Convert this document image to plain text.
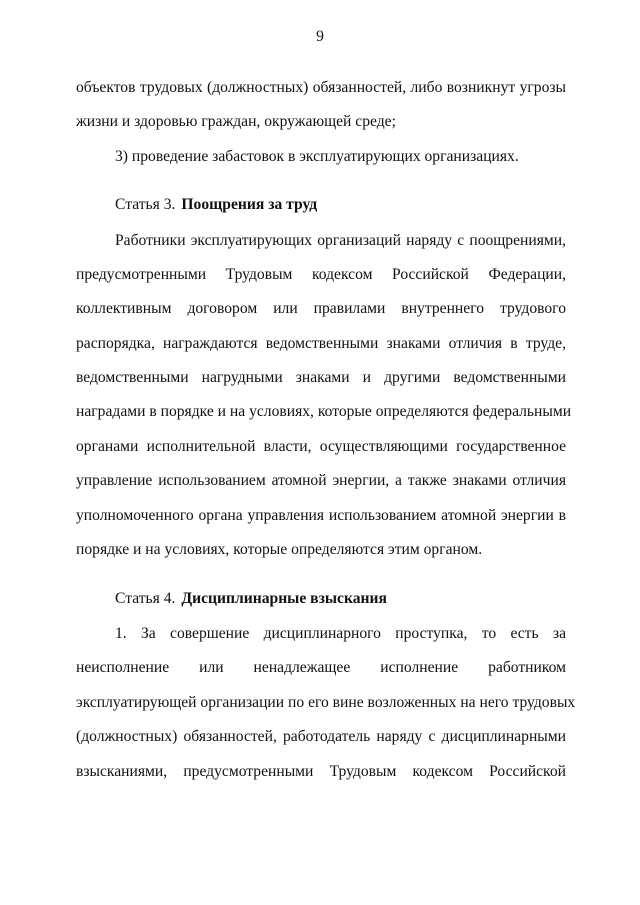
9
объектов трудовых (должностных) обязанностей, либо возникнут угрозы
жизни и здоровью граждан, окружающей среде;
3) проведение забастовок в эксплуатирующих организациях.
Статья 3. Поощрения за труд
Работники эксплуатирующих организаций наряду с поощрениями,
предусмотренными Трудовым кодексом Российской Федерации,
коллективным договором или правилами внутреннего трудового
распорядка, награждаются ведомственными знаками отличия в труде,
ведомственными нагрудными знаками и другими ведомственными
наградами в порядке и на условиях, которые определяются федеральными
органами исполнительной власти, осуществляющими государственное
управление использованием атомной энергии, а также знаками отличия
уполномоченного органа управления использованием атомной энергии в
порядке и на условиях, которые определяются этим органом.
Статья 4. Дисциплинарные взыскания
1. За совершение дисциплинарного проступка, то есть за
неисполнение или ненадлежащее исполнение работником
эксплуатирующей организации по его вине возложенных на него трудовых
(должностных) обязанностей, работодатель наряду с дисциплинарными
взысканиями, предусмотренными Трудовым кодексом Российской
